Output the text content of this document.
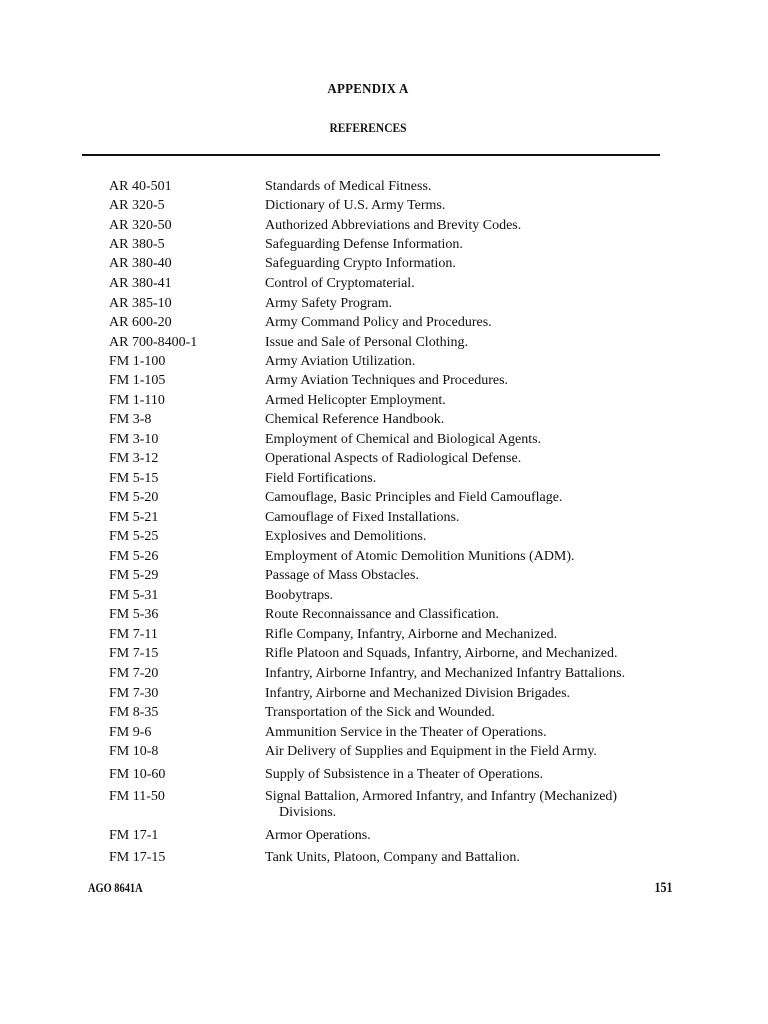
APPENDIX A
REFERENCES
AR 40-501	Standards of Medical Fitness.
AR 320-5	Dictionary of U.S. Army Terms.
AR 320-50	Authorized Abbreviations and Brevity Codes.
AR 380-5	Safeguarding Defense Information.
AR 380-40	Safeguarding Crypto Information.
AR 380-41	Control of Cryptomaterial.
AR 385-10	Army Safety Program.
AR 600-20	Army Command Policy and Procedures.
AR 700-8400-1	Issue and Sale of Personal Clothing.
FM 1-100	Army Aviation Utilization.
FM 1-105	Army Aviation Techniques and Procedures.
FM 1-110	Armed Helicopter Employment.
FM 3-8	Chemical Reference Handbook.
FM 3-10	Employment of Chemical and Biological Agents.
FM 3-12	Operational Aspects of Radiological Defense.
FM 5-15	Field Fortifications.
FM 5-20	Camouflage, Basic Principles and Field Camouflage.
FM 5-21	Camouflage of Fixed Installations.
FM 5-25	Explosives and Demolitions.
FM 5-26	Employment of Atomic Demolition Munitions (ADM).
FM 5-29	Passage of Mass Obstacles.
FM 5-31	Boobytraps.
FM 5-36	Route Reconnaissance and Classification.
FM 7-11	Rifle Company, Infantry, Airborne and Mechanized.
FM 7-15	Rifle Platoon and Squads, Infantry, Airborne, and Mechanized.
FM 7-20	Infantry, Airborne Infantry, and Mechanized Infantry Battalions.
FM 7-30	Infantry, Airborne and Mechanized Division Brigades.
FM 8-35	Transportation of the Sick and Wounded.
FM 9-6	Ammunition Service in the Theater of Operations.
FM 10-8	Air Delivery of Supplies and Equipment in the Field Army.
FM 10-60	Supply of Subsistence in a Theater of Operations.
FM 11-50	Signal Battalion, Armored Infantry, and Infantry (Mechanized)
Divisions.
FM 17-1	Armor Operations.
FM 17-15	Tank Units, Platoon, Company and Battalion.
AGO 8641A	151
